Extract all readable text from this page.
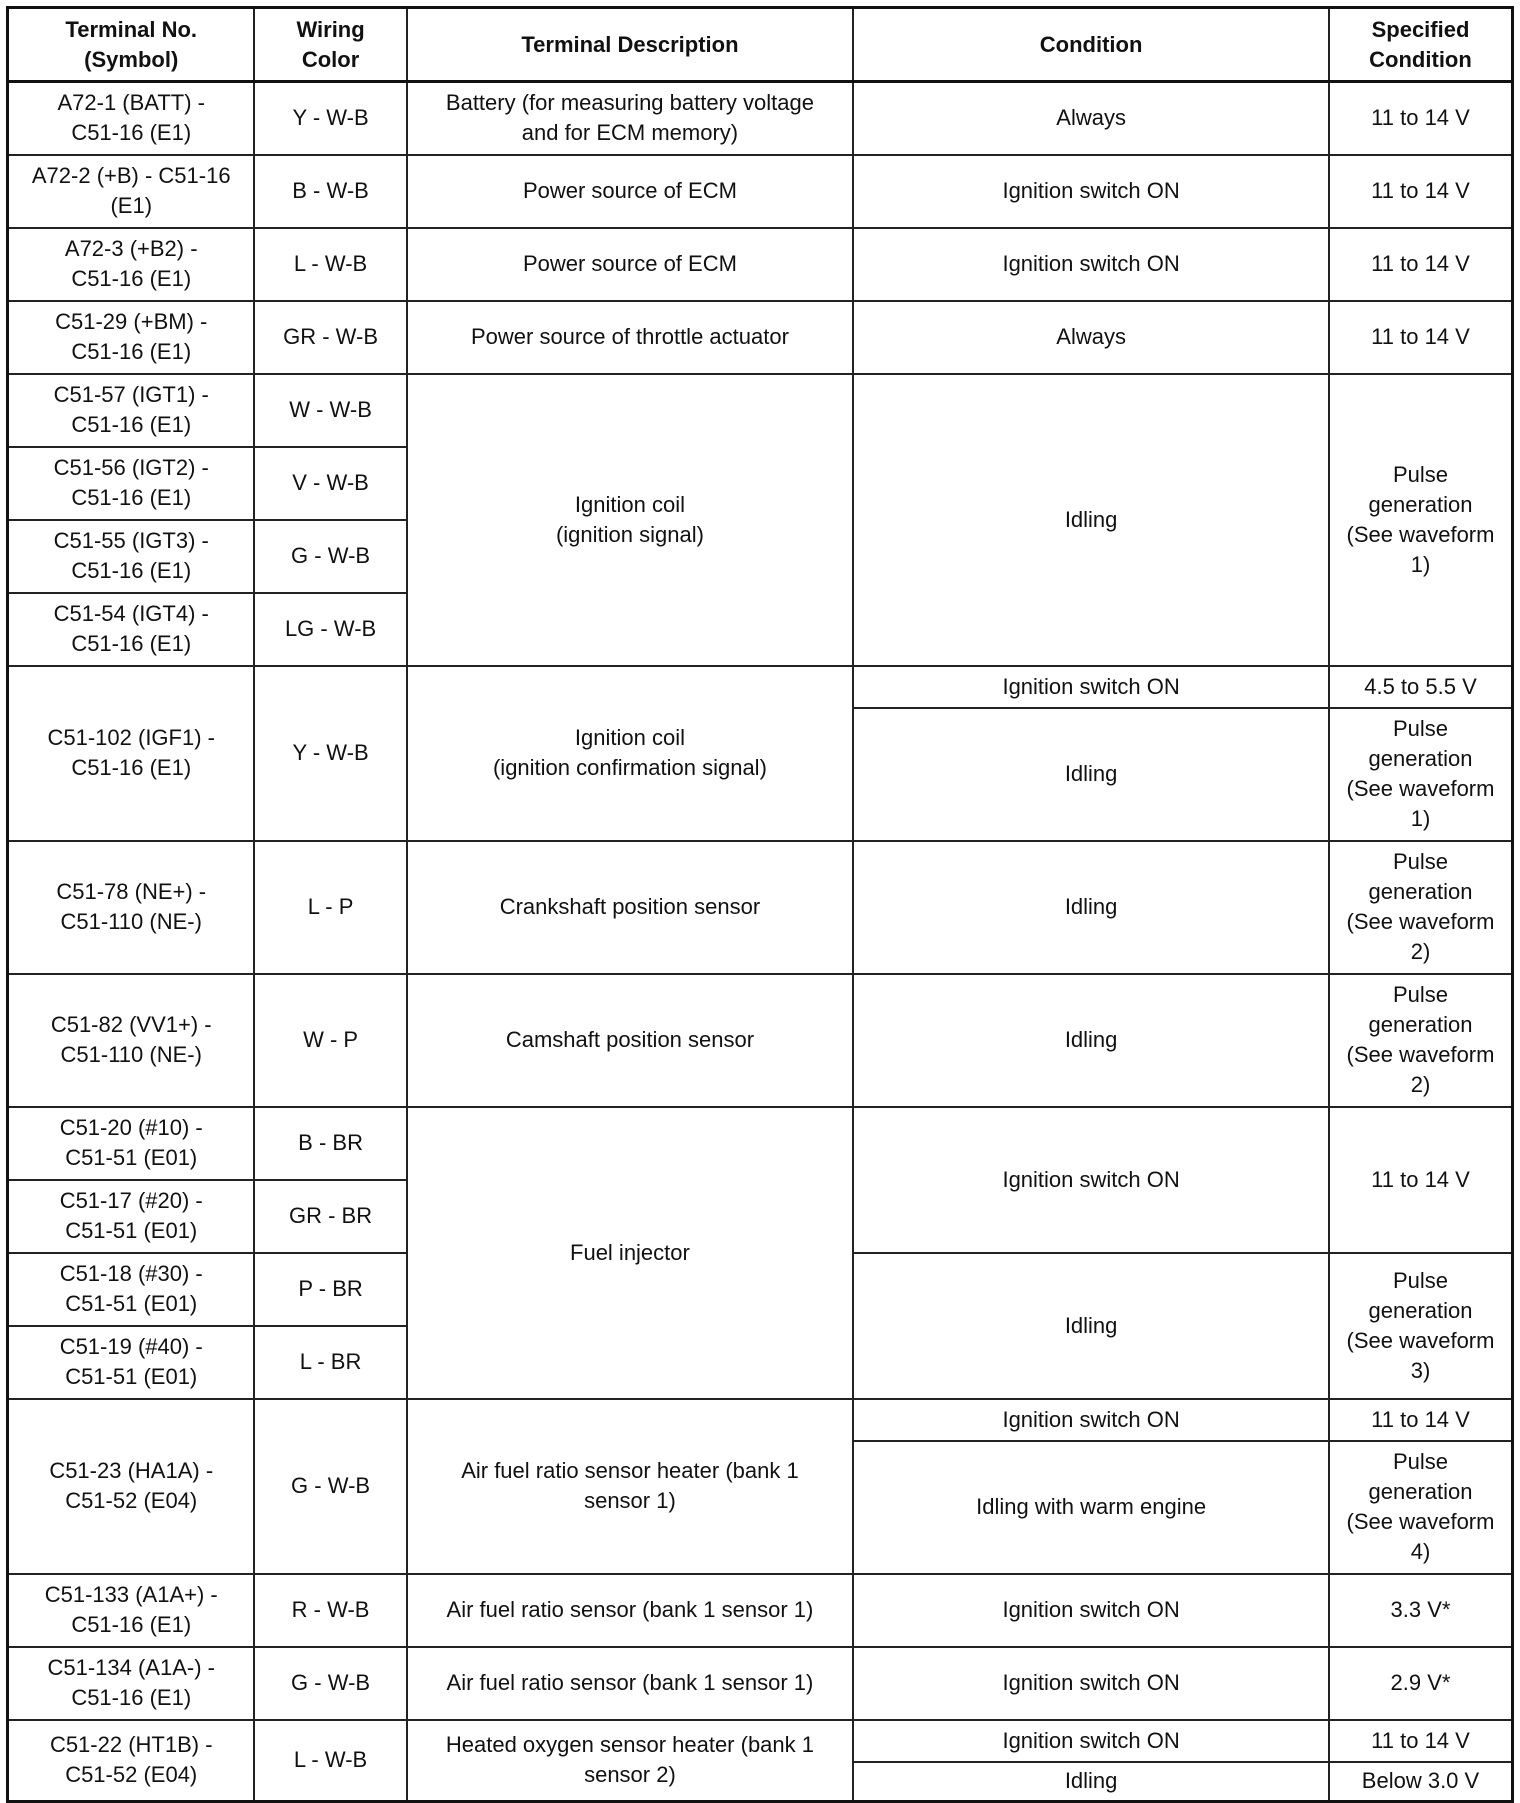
Terminal No.
(Symbol)	Wiring
Color	Terminal Description	Condition	Specified
Condition
A72-1 (BATT) -
C51-16 (E1)	Y - W-B	Battery (for measuring battery voltage
and for ECM memory)	Always	11 to 14 V
A72-2 (+B) - C51-16
(E1)	B - W-B	Power source of ECM	Ignition switch ON	11 to 14 V
A72-3 (+B2) -
C51-16 (E1)	L - W-B	Power source of ECM	Ignition switch ON	11 to 14 V
C51-29 (+BM) -
C51-16 (E1)	GR - W-B	Power source of throttle actuator	Always	11 to 14 V
C51-57 (IGT1) -
C51-16 (E1)	W - W-B	Ignition coil
(ignition signal)	Idling	Pulse
generation
(See waveform
1)
C51-56 (IGT2) -
C51-16 (E1)	V - W-B			
C51-55 (IGT3) -
C51-16 (E1)	G - W-B			
C51-54 (IGT4) -
C51-16 (E1)	LG - W-B			
C51-102 (IGF1) -
C51-16 (E1)	Y - W-B	Ignition coil
(ignition confirmation signal)	Ignition switch ON	4.5 to 5.5 V
			Idling	Pulse
generation
(See waveform
1)
C51-78 (NE+) -
C51-110 (NE-)	L - P	Crankshaft position sensor	Idling	Pulse
generation
(See waveform
2)
C51-82 (VV1+) -
C51-110 (NE-)	W - P	Camshaft position sensor	Idling	Pulse
generation
(See waveform
2)
C51-20 (#10) -
C51-51 (E01)	B - BR	Fuel injector	Ignition switch ON	11 to 14 V
C51-17 (#20) -
C51-51 (E01)	GR - BR			
C51-18 (#30) -
C51-51 (E01)	P - BR		Idling	Pulse
generation
(See waveform
3)
C51-19 (#40) -
C51-51 (E01)	L - BR			
C51-23 (HA1A) -
C51-52 (E04)	G - W-B	Air fuel ratio sensor heater (bank 1
sensor 1)	Ignition switch ON	11 to 14 V
			Idling with warm engine	Pulse
generation
(See waveform
4)
C51-133 (A1A+) -
C51-16 (E1)	R - W-B	Air fuel ratio sensor (bank 1 sensor 1)	Ignition switch ON	3.3 V*
C51-134 (A1A-) -
C51-16 (E1)	G - W-B	Air fuel ratio sensor (bank 1 sensor 1)	Ignition switch ON	2.9 V*
C51-22 (HT1B) -
C51-52 (E04)	L - W-B	Heated oxygen sensor heater (bank 1
sensor 2)	Ignition switch ON	11 to 14 V
			Idling	Below 3.0 V
